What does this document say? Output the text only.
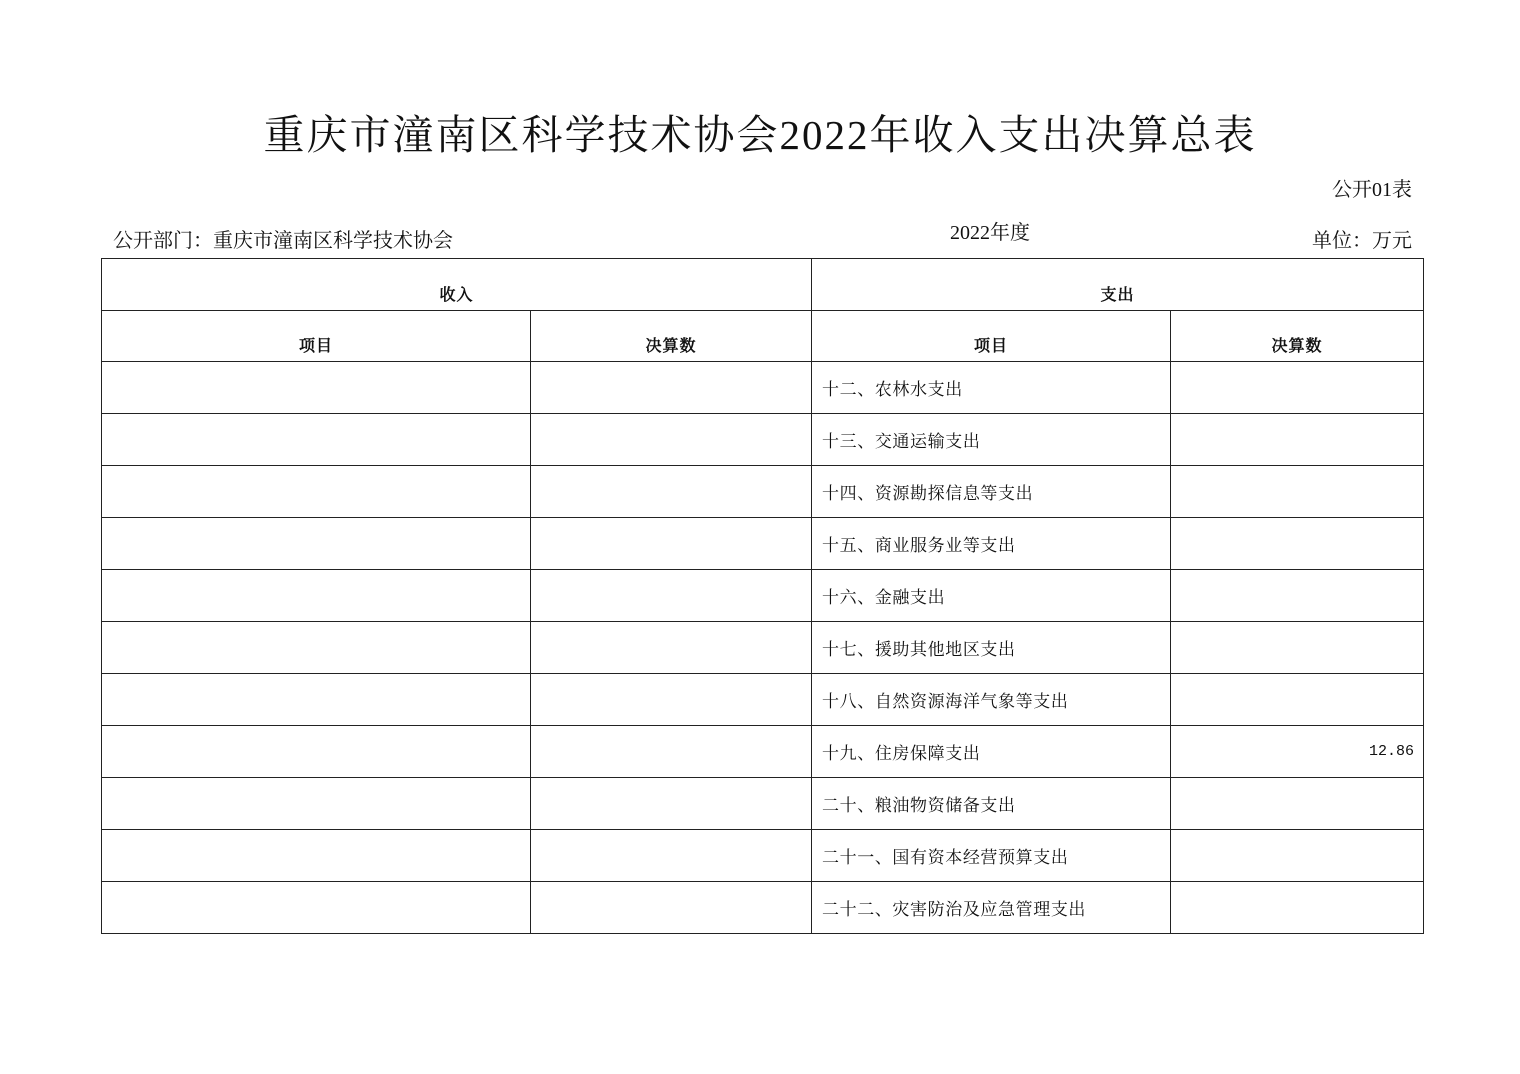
重庆市潼南区科学技术协会2022年收入支出决算总表
公开01表
公开部门：重庆市潼南区科学技术协会	2022年度	单位：万元
收入		支出	
项目	决算数	项目	决算数
		十二、农林水支出	
		十三、交通运输支出	
		十四、资源勘探信息等支出	
		十五、商业服务业等支出	
		十六、金融支出	
		十七、援助其他地区支出	
		十八、自然资源海洋气象等支出	
		十九、住房保障支出	12.86
		二十、粮油物资储备支出	
		二十一、国有资本经营预算支出	
		二十二、灾害防治及应急管理支出	
